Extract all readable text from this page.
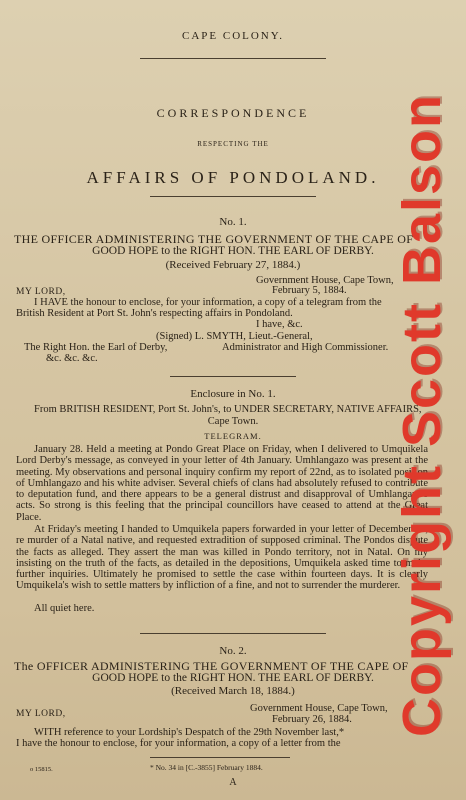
CAPE COLONY.
CORRESPONDENCE
RESPECTING THE
AFFAIRS OF PONDOLAND.
No. 1.
THE OFFICER ADMINISTERING THE GOVERNMENT OF THE CAPE OF
GOOD HOPE to the RIGHT HON. THE EARL OF DERBY.
(Received February 27, 1884.)
Government House, Cape Town,
MY LORD,	February 5, 1884.
I HAVE the honour to enclose, for your information, a copy of a telegram from the
British Resident at Port St. John's respecting affairs in Pondoland.
I have, &c.
(Signed) L. SMYTH, Lieut.-General,
The Right Hon. the Earl of Derby,	Administrator and High Commissioner.
&c. &c. &c.
Enclosure in No. 1.
From BRITISH RESIDENT, Port St. John's, to UNDER SECRETARY, NATIVE AFFAIRS,
Cape Town.
TELEGRAM.
January 28. Held a meeting at Pondo Great Place on Friday, when I delivered to Umquikela Lord Derby's message, as conveyed in your letter of 4th January. Umhlangazo was present at the meeting. My observations and personal inquiry confirm my report of 22nd, as to isolated position of Umhlangazo and his white adviser. Several chiefs of clans had absolutely refused to contribute to deputation fund, and there appears to be a general distrust and disapproval of Umhlangazo's acts. So strong is this feeling that the principal councillors have ceased to attend at the Great Place.
At Friday's meeting I handed to Umquikela papers forwarded in your letter of December 31, re murder of a Natal native, and requested extradition of supposed criminal. The Pondos dispute the facts as alleged. They assert the man was killed in Pondo territory, not in Natal. On my insisting on the truth of the facts, as detailed in the depositions, Umquikela asked time to make further inquiries. Ultimately he promised to settle the case within fourteen days. It is clearly Umquikela's wish to settle matters by infliction of a fine, and not to surrender the murderer.
All quiet here.
No. 2.
The OFFICER ADMINISTERING THE GOVERNMENT OF THE CAPE OF
GOOD HOPE to the RIGHT HON. THE EARL OF DERBY.
(Received March 18, 1884.)
Government House, Cape Town,
MY LORD,	February 26, 1884.
WITH reference to your Lordship's Despatch of the 29th November last,*
I have the honour to enclose, for your information, a copy of a letter from the
o 15815.	* No. 34 in [C.-3855] February 1884.
A
Copyright Scott Balson
